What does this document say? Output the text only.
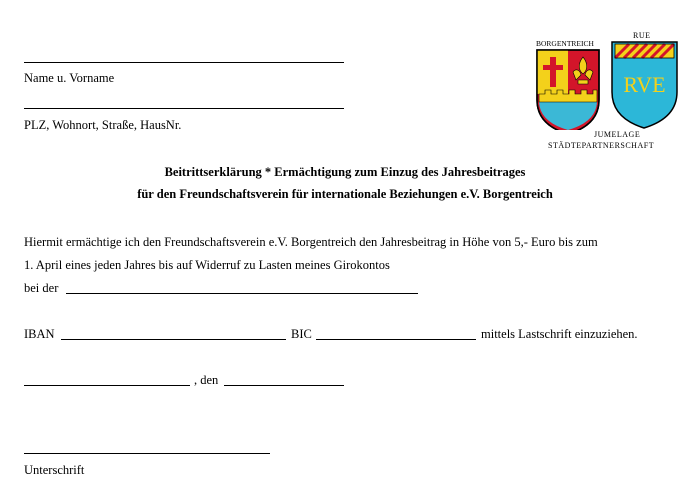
Name u. Vorname
PLZ, Wohnort, Straße, HausNr.
BORGENTREICH
RUE
RVE
JUMELAGE
STÄDTEPARTNERSCHAFT
Beitrittserklärung * Ermächtigung zum Einzug des Jahresbeitrages
für den Freundschaftsverein für internationale Beziehungen e.V. Borgentreich
Hiermit ermächtige ich den Freundschaftsverein e.V. Borgentreich den Jahresbeitrag in Höhe von 5,- Euro bis zum
1. April eines jeden Jahres bis auf Widerruf zu Lasten meines Girokontos
bei der
IBAN	BIC	mittels Lastschrift einzuziehen.
, den
Unterschrift
